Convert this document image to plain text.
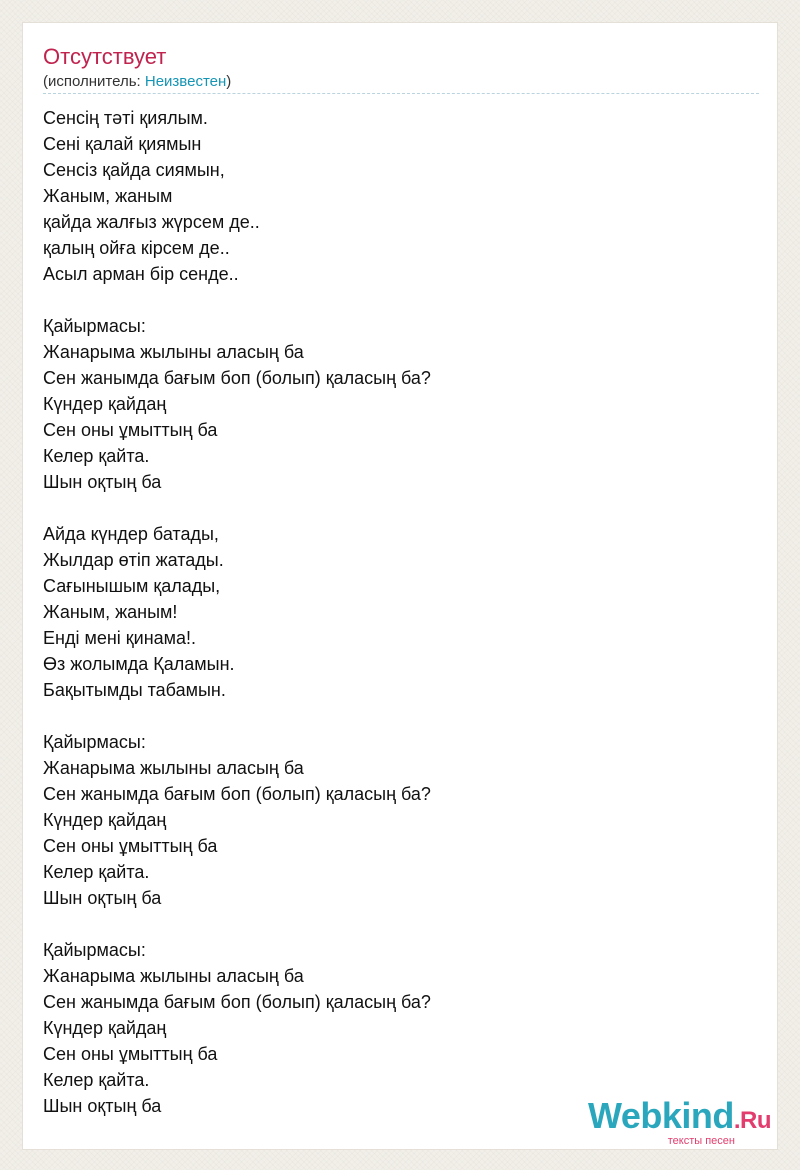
Отсутствует
(исполнитель: Неизвестен)
Сенсің тәті қиялым.
Сені қалай қиямын
Сенсіз қайда сиямын,
Жаным, жаным
қайда жалғыз жүрсем де..
қалың ойға кірсем де..
Асыл арман бір сенде..
Қайырмасы:
Жанарыма жылыны аласың ба
Сен жанымда бағым боп (болып) қаласың ба?
Күндер қайдаң
Сен оны ұмыттың ба
Келер қайта.
Шын оқтың ба
Айда күндер батады,
Жылдар өтіп жатады.
Сағынышым қалады,
Жаным, жаным!
Енді мені қинама!.
Өз жолымда Қаламын.
Бақытымды табамын.
Қайырмасы:
Жанарыма жылыны аласың ба
Сен жанымда бағым боп (болып) қаласың ба?
Күндер қайдаң
Сен оны ұмыттың ба
Келер қайта.
Шын оқтың ба
Қайырмасы:
Жанарыма жылыны аласың ба
Сен жанымда бағым боп (болып) қаласың ба?
Күндер қайдаң
Сен оны ұмыттың ба
Келер қайта.
Шын оқтың ба	Webkind.Ru
тексты песен
